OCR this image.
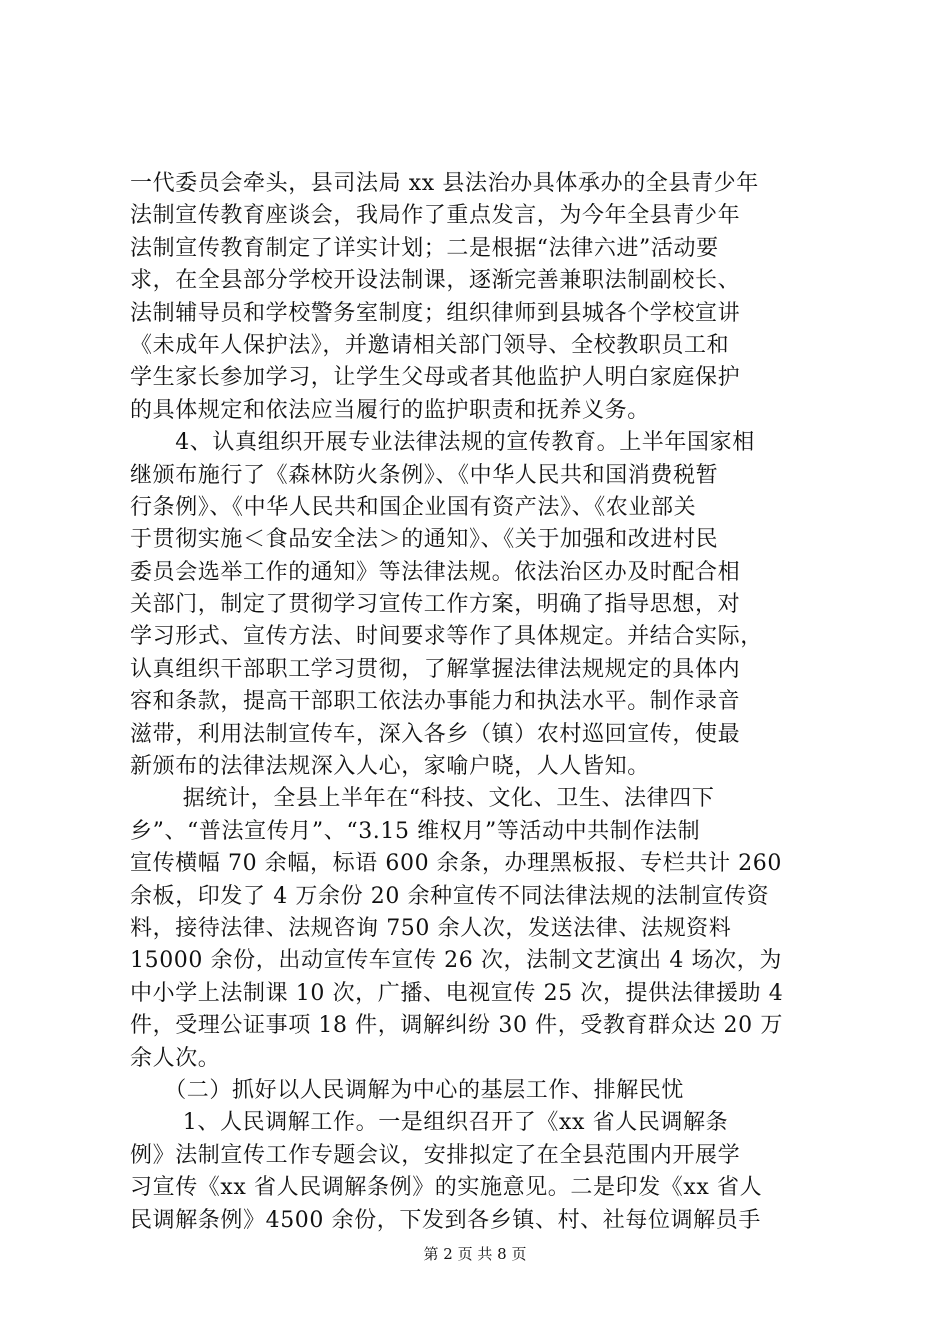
一代委员会牵头，县司法局 xx 县法治办具体承办的全县青少年
法制宣传教育座谈会，我局作了重点发言，为今年全县青少年
法制宣传教育制定了详实计划；二是根据“法律六进”活动要
求，在全县部分学校开设法制课，逐渐完善兼职法制副校长、
法制辅导员和学校警务室制度；组织律师到县城各个学校宣讲
《未成年人保护法》，并邀请相关部门领导、全校教职员工和
学生家长参加学习，让学生父母或者其他监护人明白家庭保护
的具体规定和依法应当履行的监护职责和抚养义务。
　　4、认真组织开展专业法律法规的宣传教育。上半年国家相
继颁布施行了《森林防火条例》、《中华人民共和国消费税暂
行条例》、《中华人民共和国企业国有资产法》、《农业部关
于贯彻实施＜食品安全法＞的通知》、《关于加强和改进村民
委员会选举工作的通知》等法律法规。依法治区办及时配合相
关部门，制定了贯彻学习宣传工作方案，明确了指导思想，对
学习形式、宣传方法、时间要求等作了具体规定。并结合实际，
认真组织干部职工学习贯彻，了解掌握法律法规规定的具体内
容和条款，提高干部职工依法办事能力和执法水平。制作录音
滋带，利用法制宣传车，深入各乡（镇）农村巡回宣传，使最
新颁布的法律法规深入人心，家喻户晓，人人皆知。
　　 据统计，全县上半年在“科技、文化、卫生、法律四下
乡”、“普法宣传月”、“3.15 维权月”等活动中共制作法制
宣传横幅 70 余幅，标语 600 余条，办理黑板报、专栏共计 260
余板，印发了 4 万余份 20 余种宣传不同法律法规的法制宣传资
料，接待法律、法规咨询 750 余人次，发送法律、法规资料
15000 余份，出动宣传车宣传 26 次，法制文艺演出 4 场次，为
中小学上法制课 10 次，广播、电视宣传 25 次，提供法律援助 4
件，受理公证事项 18 件，调解纠纷 30 件，受教育群众达 20 万
余人次。
　　（二）抓好以人民调解为中心的基层工作、排解民忧
　　 1、人民调解工作。一是组织召开了《xx 省人民调解条
例》法制宣传工作专题会议，安排拟定了在全县范围内开展学
习宣传《xx 省人民调解条例》的实施意见。二是印发《xx 省人
民调解条例》4500 余份，下发到各乡镇、村、社每位调解员手
第 2 页 共 8 页
